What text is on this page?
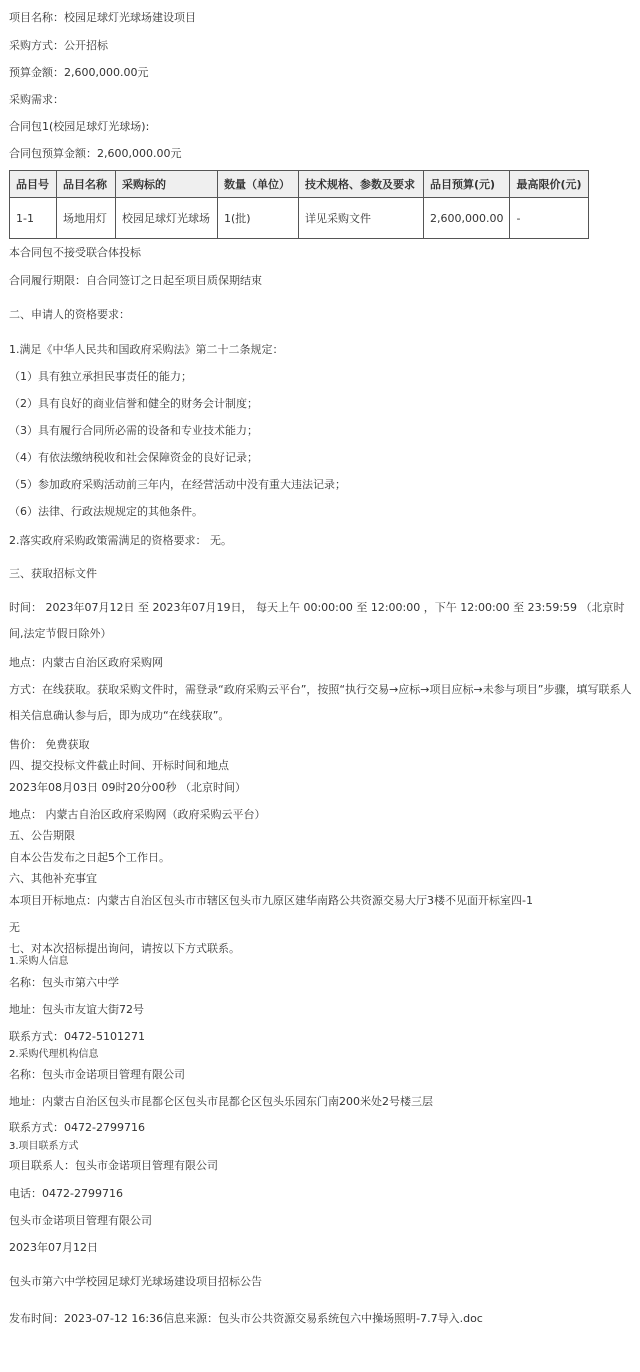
项目名称：校园足球灯光球场建设项目
采购方式：公开招标
预算金额：2,600,000.00元
采购需求：
合同包1(校园足球灯光球场):
合同包预算金额：2,600,000.00元
品目号	品目名称	采购标的	数量（单位）	技术规格、参数及要求	品目预算(元)	最高限价(元)
1-1	场地用灯	校园足球灯光球场	1(批)	详见采购文件	2,600,000.00	-
本合同包不接受联合体投标
合同履行期限：自合同签订之日起至项目质保期结束
二、申请人的资格要求：
1.满足《中华人民共和国政府采购法》第二十二条规定：
（1）具有独立承担民事责任的能力；
（2）具有良好的商业信誉和健全的财务会计制度；
（3）具有履行合同所必需的设备和专业技术能力；
（4）有依法缴纳税收和社会保障资金的良好记录；
（5）参加政府采购活动前三年内，在经营活动中没有重大违法记录；
（6）法律、行政法规规定的其他条件。
2.落实政府采购政策需满足的资格要求： 无。
三、获取招标文件
时间： 2023年07月12日 至 2023年07月19日， 每天上午 00:00:00 至 12:00:00 ，下午 12:00:00 至 23:59:59 （北京时间,法定节假日除外）
地点：内蒙古自治区政府采购网
方式：在线获取。获取采购文件时，需登录“政府采购云平台”，按照“执行交易→应标→项目应标→未参与项目”步骤，填写联系人相关信息确认参与后，即为成功“在线获取”。
售价： 免费获取
四、提交投标文件截止时间、开标时间和地点
2023年08月03日 09时20分00秒 （北京时间）
地点： 内蒙古自治区政府采购网（政府采购云平台）
五、公告期限
自本公告发布之日起5个工作日。
六、其他补充事宜
本项目开标地点：内蒙古自治区包头市市辖区包头市九原区建华南路公共资源交易大厅3楼不见面开标室四-1
无
七、对本次招标提出询问，请按以下方式联系。
1.采购人信息
名称：包头市第六中学
地址：包头市友谊大街72号
联系方式：0472-5101271
2.采购代理机构信息
名称：包头市金诺项目管理有限公司
地址：内蒙古自治区包头市昆都仑区包头市昆都仑区包头乐园东门南200米处2号楼三层
联系方式：0472-2799716
3.项目联系方式
项目联系人：包头市金诺项目管理有限公司
电话：0472-2799716
包头市金诺项目管理有限公司
2023年07月12日
包头市第六中学校园足球灯光球场建设项目招标公告
发布时间：2023-07-12 16:36信息来源：包头市公共资源交易系统包六中操场照明-7.7导入.doc
